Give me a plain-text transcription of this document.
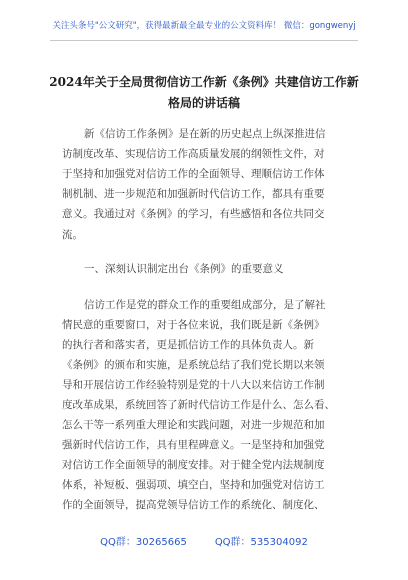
关注头条号"公文研究"，获得最新最全最专业的公文资料库！ 微信：gongwenyj
2024年关于全局贯彻信访工作新《条例》共建信访工作新
格局的讲话稿
新《信访工作条例》是在新的历史起点上纵深推进信
访制度改革、实现信访工作高质量发展的纲领性文件，对
于坚持和加强党对信访工作的全面领导、理顺信访工作体
制机制、进一步规范和加强新时代信访工作，都具有重要
意义。我通过对《条例》的学习，有些感悟和各位共同交
流。
一、深刻认识制定出台《条例》的重要意义
信访工作是党的群众工作的重要组成部分，是了解社
情民意的重要窗口，对于各位来说，我们既是新《条例》
的执行者和落实者，更是抓信访工作的具体负责人。新
《条例》的颁布和实施，是系统总结了我们党长期以来领
导和开展信访工作经验特别是党的十八大以来信访工作制
度改革成果，系统回答了新时代信访工作是什么、怎么看、
怎么干等一系列重大理论和实践问题，对进一步规范和加
强新时代信访工作，具有里程碑意义。一是坚持和加强党
对信访工作全面领导的制度安排。对于健全党内法规制度
体系，补短板、强弱项、填空白，坚持和加强党对信访工
作的全面领导，提高党领导信访工作的系统化、制度化、
QQ群：30265665	QQ群：535304092
